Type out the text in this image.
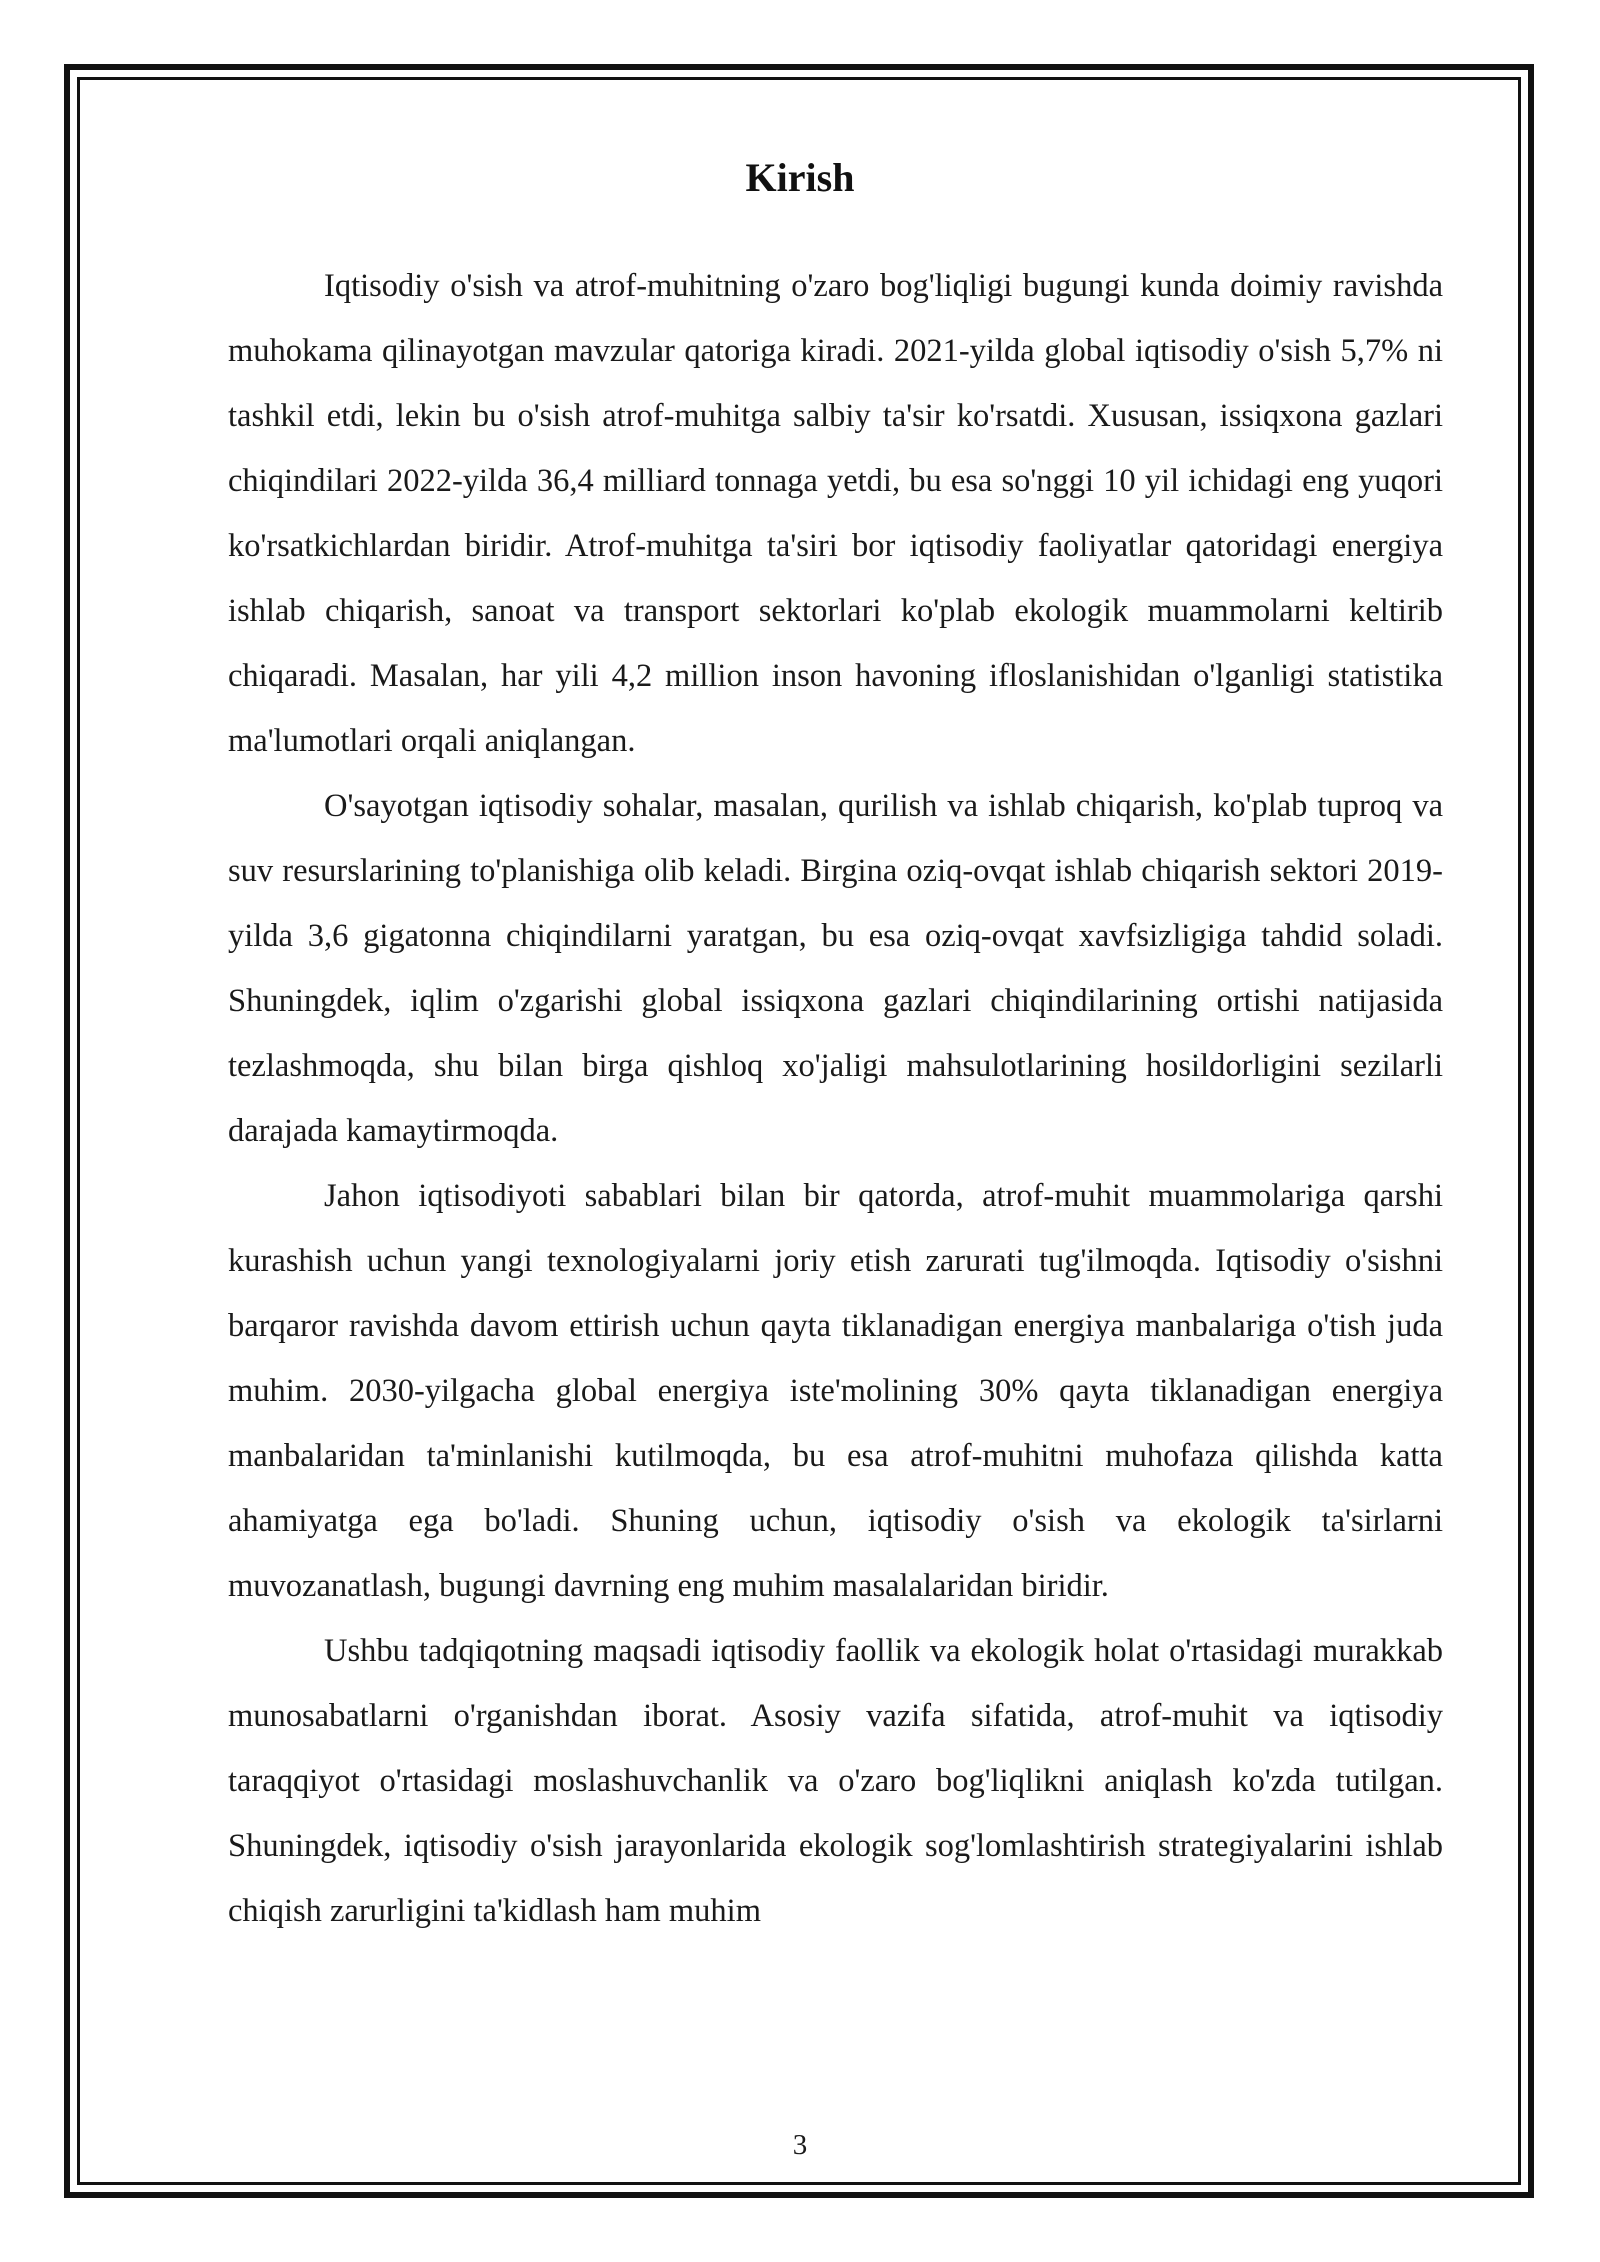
Kirish

Iqtisodiy o'sish va atrof-muhitning o'zaro bog'liqligi bugungi kunda doimiy ravishda muhokama qilinayotgan mavzular qatoriga kiradi. 2021-yilda global iqtisodiy o'sish 5,7% ni tashkil etdi, lekin bu o'sish atrof-muhitga salbiy ta'sir ko'rsatdi. Xususan, issiqxona gazlari chiqindilari 2022-yilda 36,4 milliard tonnaga yetdi, bu esa so'nggi 10 yil ichidagi eng yuqori ko'rsatkichlardan biridir. Atrof-muhitga ta'siri bor iqtisodiy faoliyatlar qatoridagi energiya ishlab chiqarish, sanoat va transport sektorlari ko'plab ekologik muammolarni keltirib chiqaradi. Masalan, har yili 4,2 million inson havoning ifloslanishidan o'lganligi statistika ma'lumotlari orqali aniqlangan.

O'sayotgan iqtisodiy sohalar, masalan, qurilish va ishlab chiqarish, ko'plab tuproq va suv resurslarining to'planishiga olib keladi. Birgina oziq-ovqat ishlab chiqarish sektori 2019-yilda 3,6 gigatonna chiqindilarni yaratgan, bu esa oziq-ovqat xavfsizligiga tahdid soladi. Shuningdek, iqlim o'zgarishi global issiqxona gazlari chiqindilarining ortishi natijasida tezlashmoqda, shu bilan birga qishloq xo'jaligi mahsulotlarining hosildorligini sezilarli darajada kamaytirmoqda.

Jahon iqtisodiyoti sabablari bilan bir qatorda, atrof-muhit muammolariga qarshi kurashish uchun yangi texnologiyalarni joriy etish zarurati tug'ilmoqda. Iqtisodiy o'sishni barqaror ravishda davom ettirish uchun qayta tiklanadigan energiya manbalariga o'tish juda muhim. 2030-yilgacha global energiya iste'molining 30% qayta tiklanadigan energiya manbalaridan ta'minlanishi kutilmoqda, bu esa atrof-muhitni muhofaza qilishda katta ahamiyatga ega bo'ladi. Shuning uchun, iqtisodiy o'sish va ekologik ta'sirlarni muvozanatlash, bugungi davrning eng muhim masalalaridan biridir.

Ushbu tadqiqotning maqsadi iqtisodiy faollik va ekologik holat o'rtasidagi murakkab munosabatlarni o'rganishdan iborat. Asosiy vazifa sifatida, atrof-muhit va iqtisodiy taraqqiyot o'rtasidagi moslashuvchanlik va o'zaro bog'liqlikni aniqlash ko'zda tutilgan. Shuningdek, iqtisodiy o'sish jarayonlarida ekologik sog'lomlashtirish strategiyalarini ishlab chiqish zarurligini ta'kidlash ham muhim

3
